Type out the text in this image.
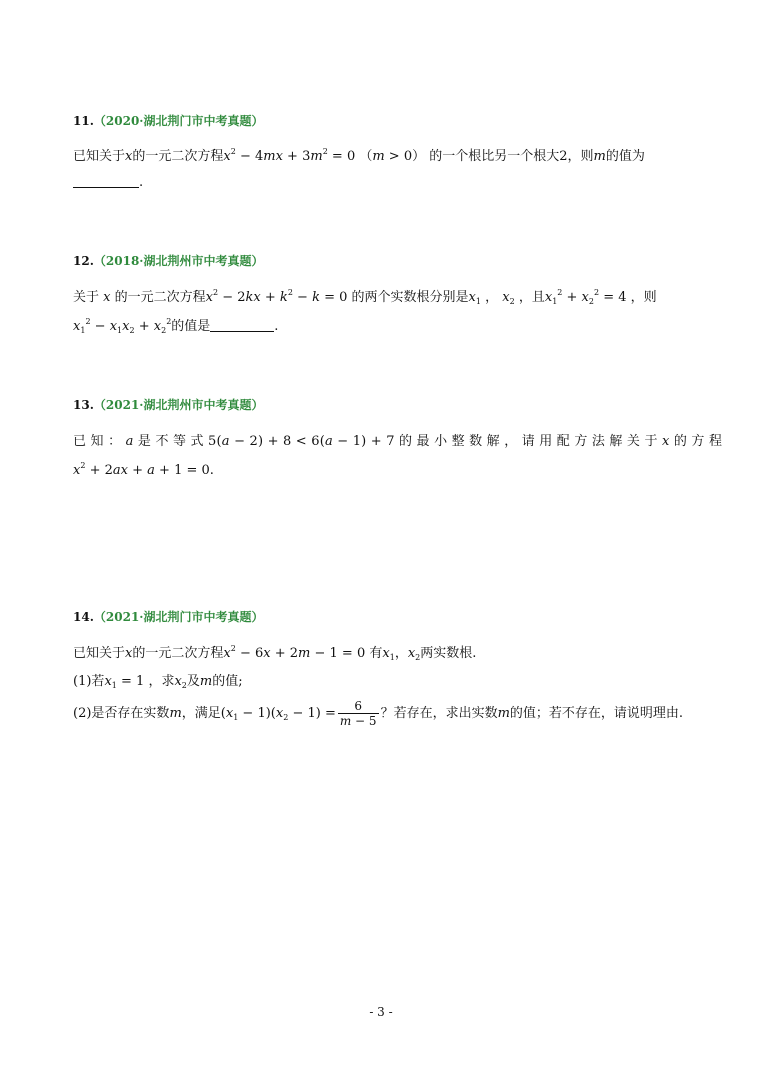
11.（2020·湖北荆门市中考真题）
已知关于x的一元二次方程$x^2 - 4mx + 3m^2 = 0$ （m > 0） 的一个根比另一个根大2，则m的值为
.
12.（2018·湖北荆州市中考真题）
关于 x 的一元二次方程$x^2 - 2kx + k^2 - k = 0$ 的两个实数根分别是$x_1$ ， $x_2$ ，且$x_1^2 + x_2^2 = 4$ ，则
$x_1^2 - x_1x_2 + x_2^2$的值是	.
13.（2021·湖北荆州市中考真题）
已 知 ： a 是 不 等 式 5(a − 2) + 8 < 6(a − 1) + 7 的 最 小 整 数 解 ， 请 用 配 方 法 解 关 于 x 的 方 程
$x^2 + 2ax + a + 1 = 0$.
14.（2021·湖北荆门市中考真题）
已知关于x的一元二次方程$x^2 - 6x + 2m - 1 = 0$ 有$x_1$，$x_2$两实数根.
(1)若$x_1 = 1$ ，求$x_2$及m的值;
(2)是否存在实数m，满足$(x_1 - 1)(x_2 - 1) = \frac{6}{m - 5}$ ？若存在，求出实数m的值；若不存在，请说明理由.
- 3 -
